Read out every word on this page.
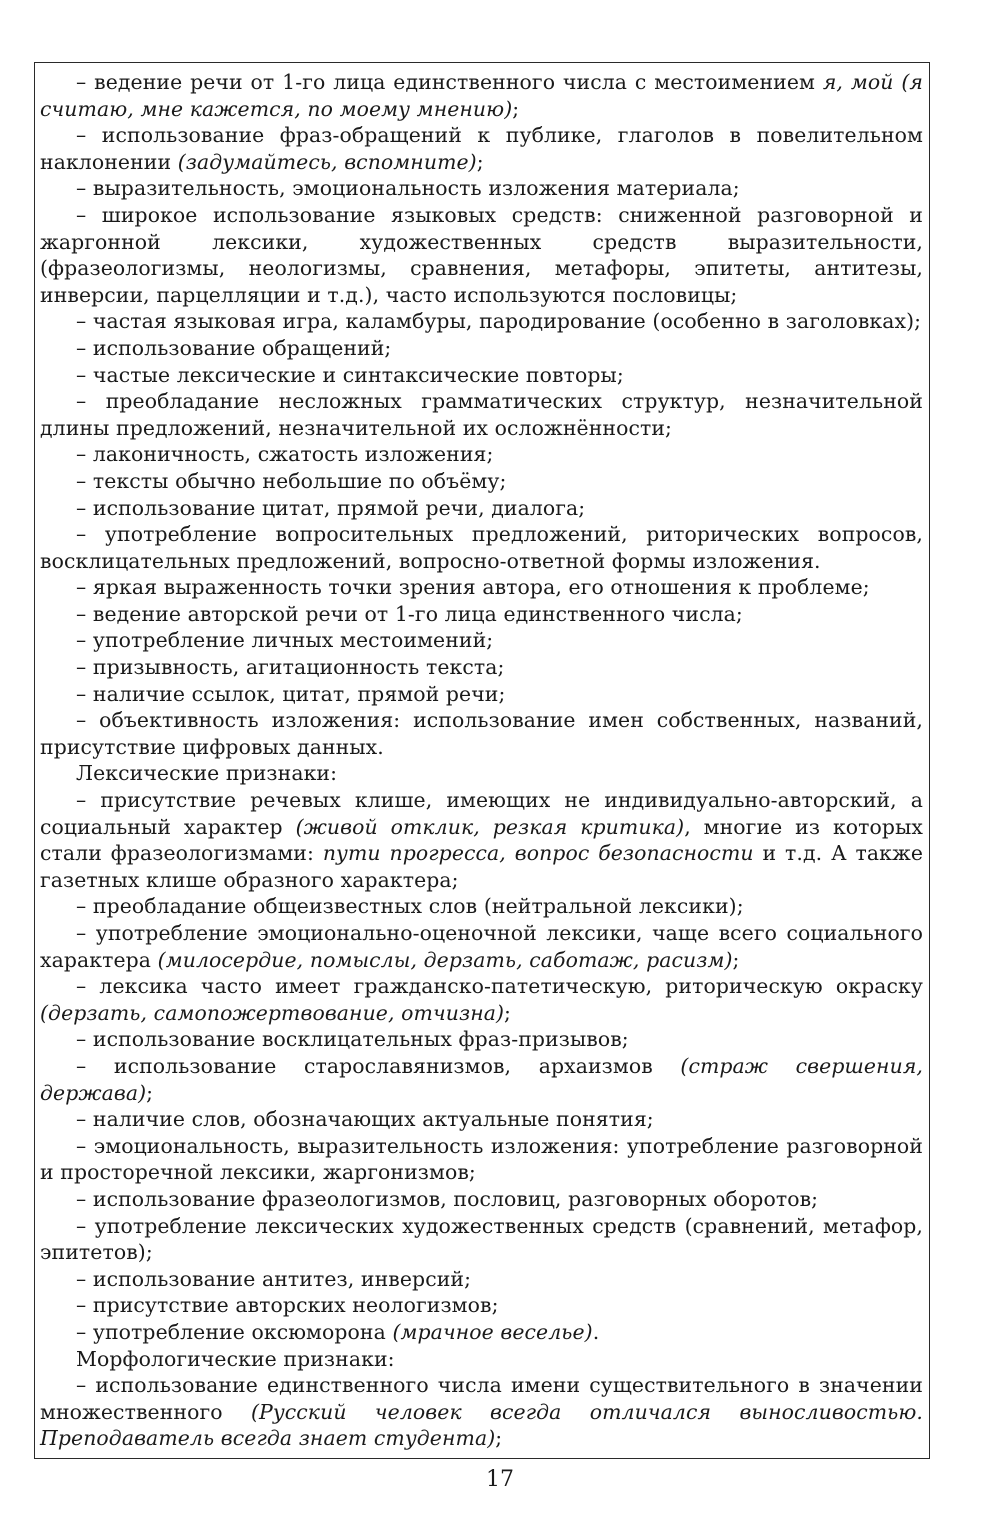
– ведение речи от 1-го лица единственного числа с местоимением я, мой (я считаю, мне кажется, по моему мнению);

– использование фраз-обращений к публике, глаголов в повелительном наклонении (задумайтесь, вспомните);

– выразительность, эмоциональность изложения материала;

– широкое использование языковых средств: сниженной разговорной и жаргонной лексики, художественных средств выразительности, (фразеологизмы, неологизмы, сравнения, метафоры, эпитеты, антитезы, инверсии, парцелляции и т.д.), часто используются пословицы;

– частая языковая игра, каламбуры, пародирование (особенно в заголовках);

– использование обращений;

– частые лексические и синтаксические повторы;

– преобладание несложных грамматических структур, незначительной длины предложений, незначительной их осложнённости;

– лаконичность, сжатость изложения;

– тексты обычно небольшие по объёму;

– использование цитат, прямой речи, диалога;

– употребление вопросительных предложений, риторических вопросов, восклицательных предложений, вопросно-ответной формы изложения.

– яркая выраженность точки зрения автора, его отношения к проблеме;

– ведение авторской речи от 1-го лица единственного числа;

– употребление личных местоимений;

– призывность, агитационность текста;

– наличие ссылок, цитат, прямой речи;

– объективность изложения: использование имен собственных, названий, присутствие цифровых данных.

Лексические признаки:

– присутствие речевых клише, имеющих не индивидуально-авторский, а социальный характер (живой отклик, резкая критика), многие из которых стали фразеологизмами: пути прогресса, вопрос безопасности и т.д. А также газетных клише образного характера;

– преобладание общеизвестных слов (нейтральной лексики);

– употребление эмоционально-оценочной лексики, чаще всего социального характера (милосердие, помыслы, дерзать, саботаж, расизм);

– лексика часто имеет гражданско-патетическую, риторическую окраску (дерзать, самопожертвование, отчизна);

– использование восклицательных фраз-призывов;

– использование старославянизмов, архаизмов (страж свершения, держава);

– наличие слов, обозначающих актуальные понятия;

– эмоциональность, выразительность изложения: употребление разговорной и просторечной лексики, жаргонизмов;

– использование фразеологизмов, пословиц, разговорных оборотов;

– употребление лексических художественных средств (сравнений, метафор, эпитетов);

– использование антитез, инверсий;

– присутствие авторских неологизмов;

– употребление оксюморона (мрачное веселье).

Морфологические признаки:

– использование единственного числа имени существительного в значении множественного (Русский человек всегда отличался выносливостью. Преподаватель всегда знает студента);

17
